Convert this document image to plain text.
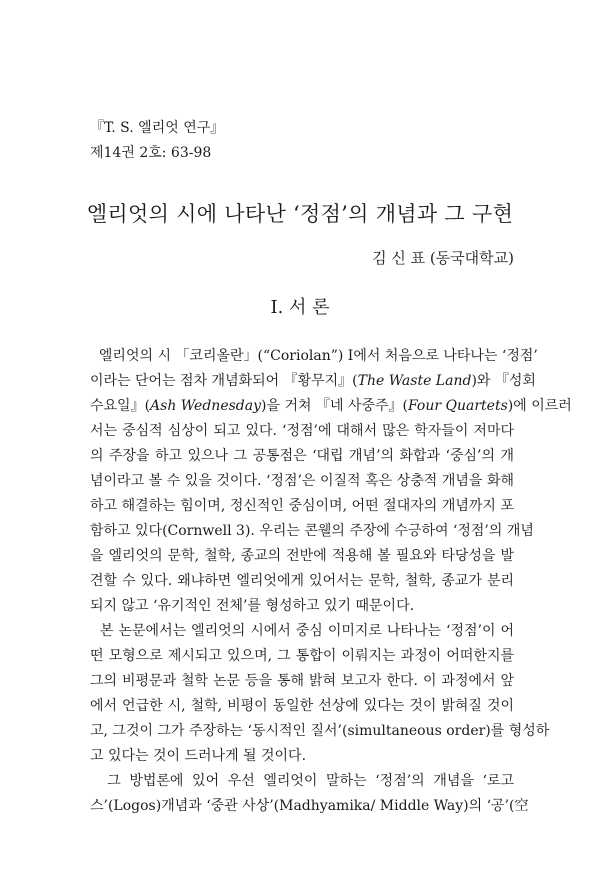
『T. S. 엘리엇 연구』
제14권 2호: 63-98
엘리엇의 시에 나타난 ‘정점’의 개념과 그 구현
김 신 표 (동국대학교)
I. 서 론
엘리엇의 시 「코리올란」(“Coriolan”) I에서 처음으로 나타나는 ‘정점’
이라는 단어는 점차 개념화되어 『황무지』(The Waste Land)와 『성회
수요일』(Ash Wednesday)을 거쳐 『네 사중주』(Four Quartets)에 이르러
서는 중심적 심상이 되고 있다. ‘정점’에 대해서 많은 학자들이 저마다
의 주장을 하고 있으나 그 공통점은 ‘대립 개념’의 화합과 ‘중심’의 개
념이라고 볼 수 있을 것이다. ‘정점’은 이질적 혹은 상충적 개념을 화해
하고 해결하는 힘이며, 정신적인 중심이며, 어떤 절대자의 개념까지 포
함하고 있다(Cornwell 3). 우리는 콘웰의 주장에 수긍하여 ‘정점’의 개념
을 엘리엇의 문학, 철학, 종교의 전반에 적용해 볼 필요와 타당성을 발
견할 수 있다. 왜냐하면 엘리엇에게 있어서는 문학, 철학, 종교가 분리
되지 않고 ‘유기적인 전체’를 형성하고 있기 때문이다.
본 논문에서는 엘리엇의 시에서 중심 이미지로 나타나는 ‘정점’이 어
떤 모형으로 제시되고 있으며, 그 통합이 이뤄지는 과정이 어떠한지를
그의 비평문과 철학 논문 등을 통해 밝혀 보고자 한다. 이 과정에서 앞
에서 언급한 시, 철학, 비평이 동일한 선상에 있다는 것이 밝혀질 것이
고, 그것이 그가 주장하는 ‘동시적인 질서’(simultaneous order)를 형성하
고 있다는 것이 드러나게 될 것이다.
그 방법론에 있어 우선 엘리엇이 말하는 ‘정점’의 개념을 ‘로고
스’(Logos)개념과 ‘중관 사상’(Madhyamika/ Middle Way)의 ‘공’(空
